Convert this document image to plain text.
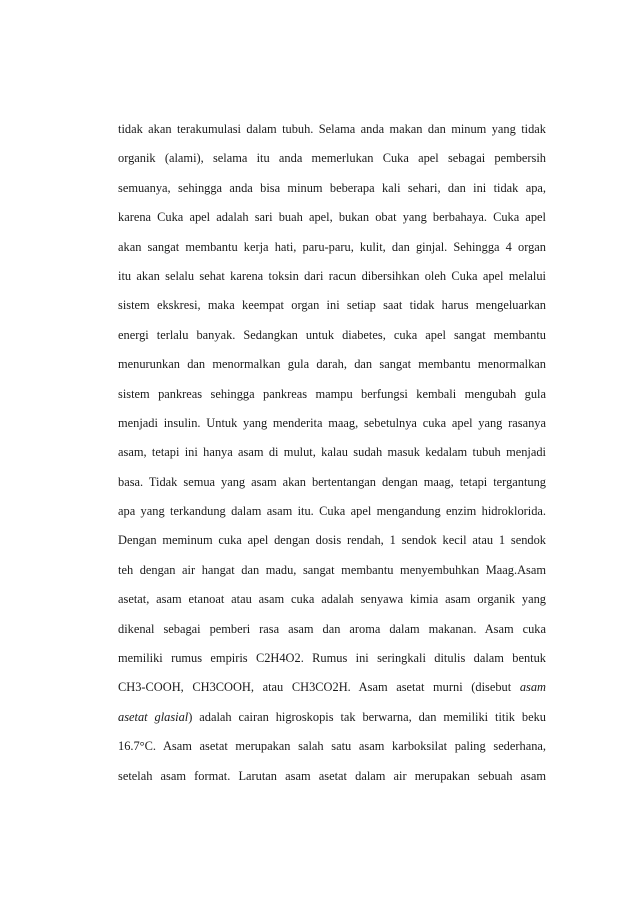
tidak akan terakumulasi dalam tubuh. Selama anda makan dan minum yang tidak
organik (alami), selama itu anda memerlukan Cuka apel sebagai pembersih
semuanya, sehingga anda bisa minum beberapa kali sehari, dan ini tidak apa,
karena Cuka apel adalah sari buah apel, bukan obat yang berbahaya. Cuka apel
akan sangat membantu kerja hati, paru-paru, kulit, dan ginjal. Sehingga 4 organ
itu akan selalu sehat karena toksin dari racun dibersihkan oleh Cuka apel melalui
sistem ekskresi, maka keempat organ ini setiap saat tidak harus mengeluarkan
energi terlalu banyak. Sedangkan untuk diabetes, cuka apel sangat membantu
menurunkan dan menormalkan gula darah, dan sangat membantu menormalkan
sistem pankreas sehingga pankreas mampu berfungsi kembali mengubah gula
menjadi insulin. Untuk yang menderita maag, sebetulnya cuka apel yang rasanya
asam, tetapi ini hanya asam di mulut, kalau sudah masuk kedalam tubuh menjadi
basa. Tidak semua yang asam akan bertentangan dengan maag, tetapi tergantung
apa yang terkandung dalam asam itu. Cuka apel mengandung enzim hidroklorida.
Dengan meminum cuka apel dengan dosis rendah, 1 sendok kecil atau 1 sendok
teh dengan air hangat dan madu, sangat membantu menyembuhkan Maag.Asam
asetat, asam etanoat atau asam cuka adalah senyawa kimia asam organik yang
dikenal sebagai pemberi rasa asam dan aroma dalam makanan. Asam cuka
memiliki rumus empiris C2H4O2. Rumus ini seringkali ditulis dalam bentuk
CH3-COOH, CH3COOH, atau CH3CO2H. Asam asetat murni (disebut asam
asetat glasial) adalah cairan higroskopis tak berwarna, dan memiliki titik beku
16.7°C. Asam asetat merupakan salah satu asam karboksilat paling sederhana,
setelah asam format. Larutan asam asetat dalam air merupakan sebuah asam
